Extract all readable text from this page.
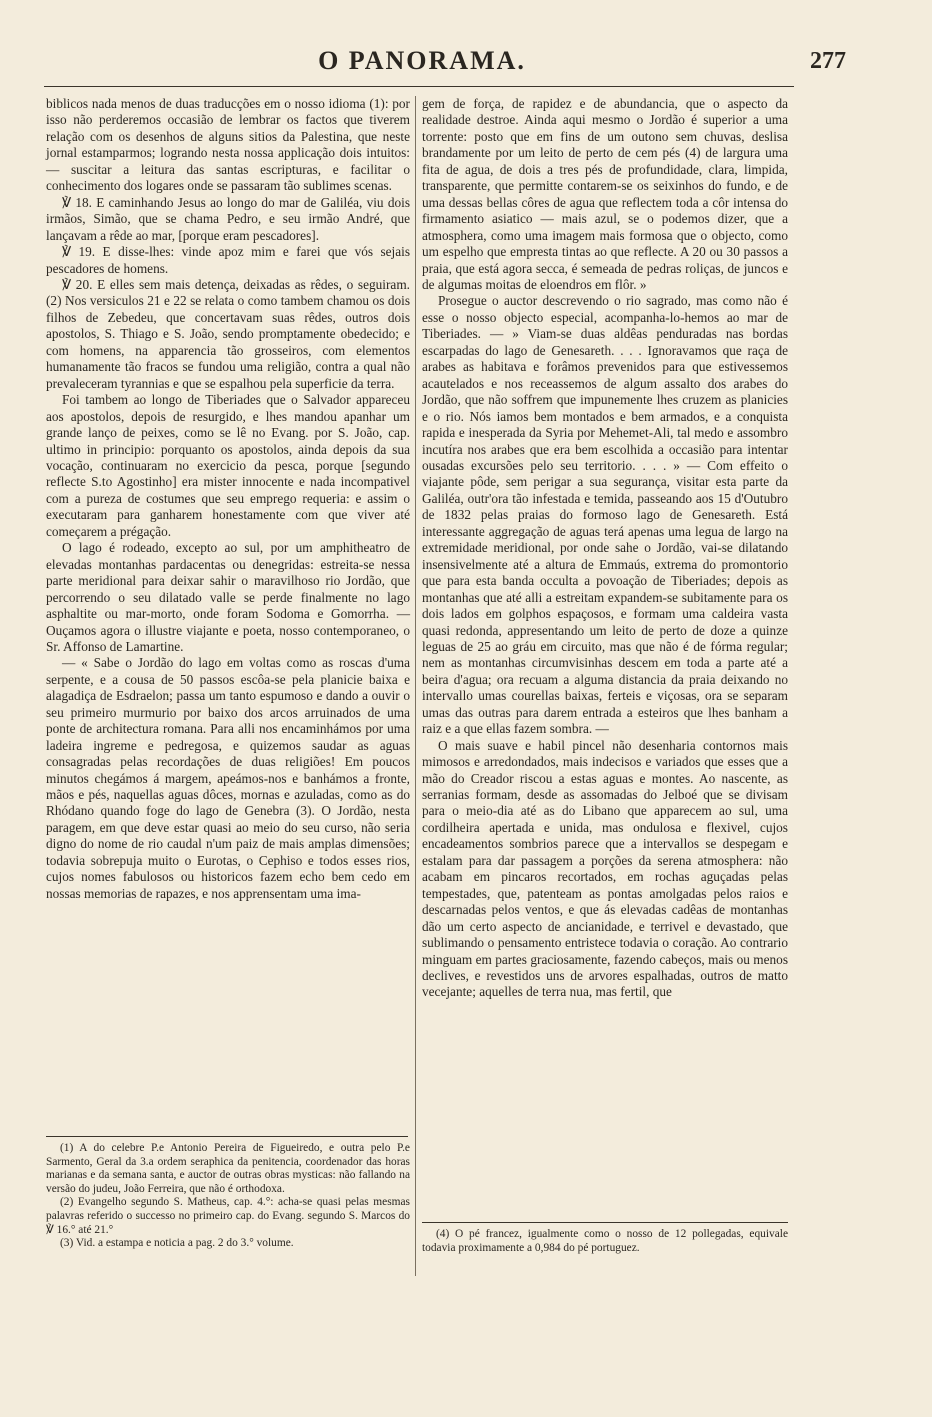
O PANORAMA.	277

biblicos nada menos de duas traducções em o nosso idioma (1): por isso não perderemos occasião de lembrar os factos que tiverem relação com os desenhos de alguns sitios da Palestina, que neste jornal estamparmos; logrando nesta nossa applicação dois intuitos: — suscitar a leitura das santas escripturas, e facilitar o conhecimento dos logares onde se passaram tão sublimes scenas.

℣ 18. E caminhando Jesus ao longo do mar de Galiléa, viu dois irmãos, Simão, que se chama Pedro, e seu irmão André, que lançavam a rêde ao mar, [porque eram pescadores].

℣ 19. E disse-lhes: vinde apoz mim e farei que vós sejais pescadores de homens.

℣ 20. E elles sem mais detença, deixadas as rêdes, o seguiram. (2) Nos versiculos 21 e 22 se relata o como tambem chamou os dois filhos de Zebedeu, que concertavam suas rêdes, outros dois apostolos, S. Thiago e S. João, sendo promptamente obedecido; e com homens, na apparencia tão grosseiros, com elementos humanamente tão fracos se fundou uma religião, contra a qual não prevaleceram tyrannias e que se espalhou pela superficie da terra.

Foi tambem ao longo de Tiberiades que o Salvador appareceu aos apostolos, depois de resurgido, e lhes mandou apanhar um grande lanço de peixes, como se lê no Evang. por S. João, cap. ultimo in principio: porquanto os apostolos, ainda depois da sua vocação, continuaram no exercicio da pesca, porque [segundo reflecte S.to Agostinho] era mister innocente e nada incompativel com a pureza de costumes que seu emprego requeria: e assim o executaram para ganharem honestamente com que viver até começarem a prégação.

O lago é rodeado, excepto ao sul, por um amphitheatro de elevadas montanhas pardacentas ou denegridas: estreita-se nessa parte meridional para deixar sahir o maravilhoso rio Jordão, que percorrendo o seu dilatado valle se perde finalmente no lago asphaltite ou mar-morto, onde foram Sodoma e Gomorrha. — Ouçamos agora o illustre viajante e poeta, nosso contemporaneo, o Sr. Affonso de Lamartine.

— « Sabe o Jordão do lago em voltas como as roscas d'uma serpente, e a cousa de 50 passos escôa-se pela planicie baixa e alagadiça de Esdraelon; passa um tanto espumoso e dando a ouvir o seu primeiro murmurio por baixo dos arcos arruinados de uma ponte de architectura romana. Para alli nos encaminhámos por uma ladeira ingreme e pedregosa, e quizemos saudar as aguas consagradas pelas recordações de duas religiões! Em poucos minutos chegámos á margem, apeámos-nos e banhámos a fronte, mãos e pés, naquellas aguas dôces, mornas e azuladas, como as do Rhódano quando foge do lago de Genebra (3). O Jordão, nesta paragem, em que deve estar quasi ao meio do seu curso, não seria digno do nome de rio caudal n'um paiz de mais amplas dimensões; todavia sobrepuja muito o Eurotas, o Cephiso e todos esses rios, cujos nomes fabulosos ou historicos fazem echo bem cedo em nossas memorias de rapazes, e nos apprensentam uma ima-

gem de força, de rapidez e de abundancia, que o aspecto da realidade destroe. Ainda aqui mesmo o Jordão é superior a uma torrente: posto que em fins de um outono sem chuvas, deslisa brandamente por um leito de perto de cem pés (4) de largura uma fita de agua, de dois a tres pés de profundidade, clara, limpida, transparente, que permitte contarem-se os seixinhos do fundo, e de uma dessas bellas côres de agua que reflectem toda a côr intensa do firmamento asiatico — mais azul, se o podemos dizer, que a atmosphera, como uma imagem mais formosa que o objecto, como um espelho que empresta tintas ao que reflecte. A 20 ou 30 passos a praia, que está agora secca, é semeada de pedras roliças, de juncos e de algumas moitas de eloendros em flôr. »

Prosegue o auctor descrevendo o rio sagrado, mas como não é esse o nosso objecto especial, acompanha-lo-hemos ao mar de Tiberiades. — » Viam-se duas aldêas penduradas nas bordas escarpadas do lago de Genesareth. . . . Ignoravamos que raça de arabes as habitava e forâmos prevenidos para que estivessemos acautelados e nos receassemos de algum assalto dos arabes do Jordão, que não soffrem que impunemente lhes cruzem as planicies e o rio. Nós iamos bem montados e bem armados, e a conquista rapida e inesperada da Syria por Mehemet-Ali, tal medo e assombro incutíra nos arabes que era bem escolhida a occasião para intentar ousadas excursões pelo seu territorio. . . . » — Com effeito o viajante pôde, sem perigar a sua segurança, visitar esta parte da Galiléa, outr'ora tão infestada e temida, passeando aos 15 d'Outubro de 1832 pelas praias do formoso lago de Genesareth. Está interessante aggregação de aguas terá apenas uma legua de largo na extremidade meridional, por onde sahe o Jordão, vai-se dilatando insensivelmente até a altura de Emmaús, extrema do promontorio que para esta banda occulta a povoação de Tiberiades; depois as montanhas que até alli a estreitam expandem-se subitamente para os dois lados em golphos espaçosos, e formam uma caldeira vasta quasi redonda, appresentando um leito de perto de doze a quinze leguas de 25 ao gráu em circuito, mas que não é de fórma regular; nem as montanhas circumvisinhas descem em toda a parte até a beira d'agua; ora recuam a alguma distancia da praia deixando no intervallo umas courellas baixas, ferteis e viçosas, ora se separam umas das outras para darem entrada a esteiros que lhes banham a raiz e a que ellas fazem sombra. —

O mais suave e habil pincel não desenharia contornos mais mimosos e arredondados, mais indecisos e variados que esses que a mão do Creador riscou a estas aguas e montes. Ao nascente, as serranias formam, desde as assomadas do Jelboé que se divisam para o meio-dia até as do Libano que apparecem ao sul, uma cordilheira apertada e unida, mas ondulosa e flexivel, cujos encadeamentos sombrios parece que a intervallos se despegam e estalam para dar passagem a porções da serena atmosphera: não acabam em pincaros recortados, em rochas aguçadas pelas tempestades, que, patenteam as pontas amolgadas pelos raios e descarnadas pelos ventos, e que ás elevadas cadêas de montanhas dão um certo aspecto de ancianidade, e terrivel e devastado, que sublimando o pensamento entristece todavia o coração. Ao contrario minguam em partes graciosamente, fazendo cabeços, mais ou menos declives, e revestidos uns de arvores espalhadas, outros de matto vecejante; aquelles de terra nua, mas fertil, que

(1) A do celebre P.e Antonio Pereira de Figueiredo, e outra pelo P.e Sarmento, Geral da 3.a ordem seraphica da penitencia, coordenador das horas marianas e da semana santa, e auctor de outras obras mysticas: não fallando na versão do judeu, João Ferreira, que não é orthodoxa.

(2) Evangelho segundo S. Matheus, cap. 4.°: acha-se quasi pelas mesmas palavras referido o successo no primeiro cap. do Evang. segundo S. Marcos do ℣ 16.° até 21.°

(3) Vid. a estampa e noticia a pag. 2 do 3.° volume.

(4) O pé francez, igualmente como o nosso de 12 pollegadas, equivale todavia proximamente a 0,984 do pé portuguez.
